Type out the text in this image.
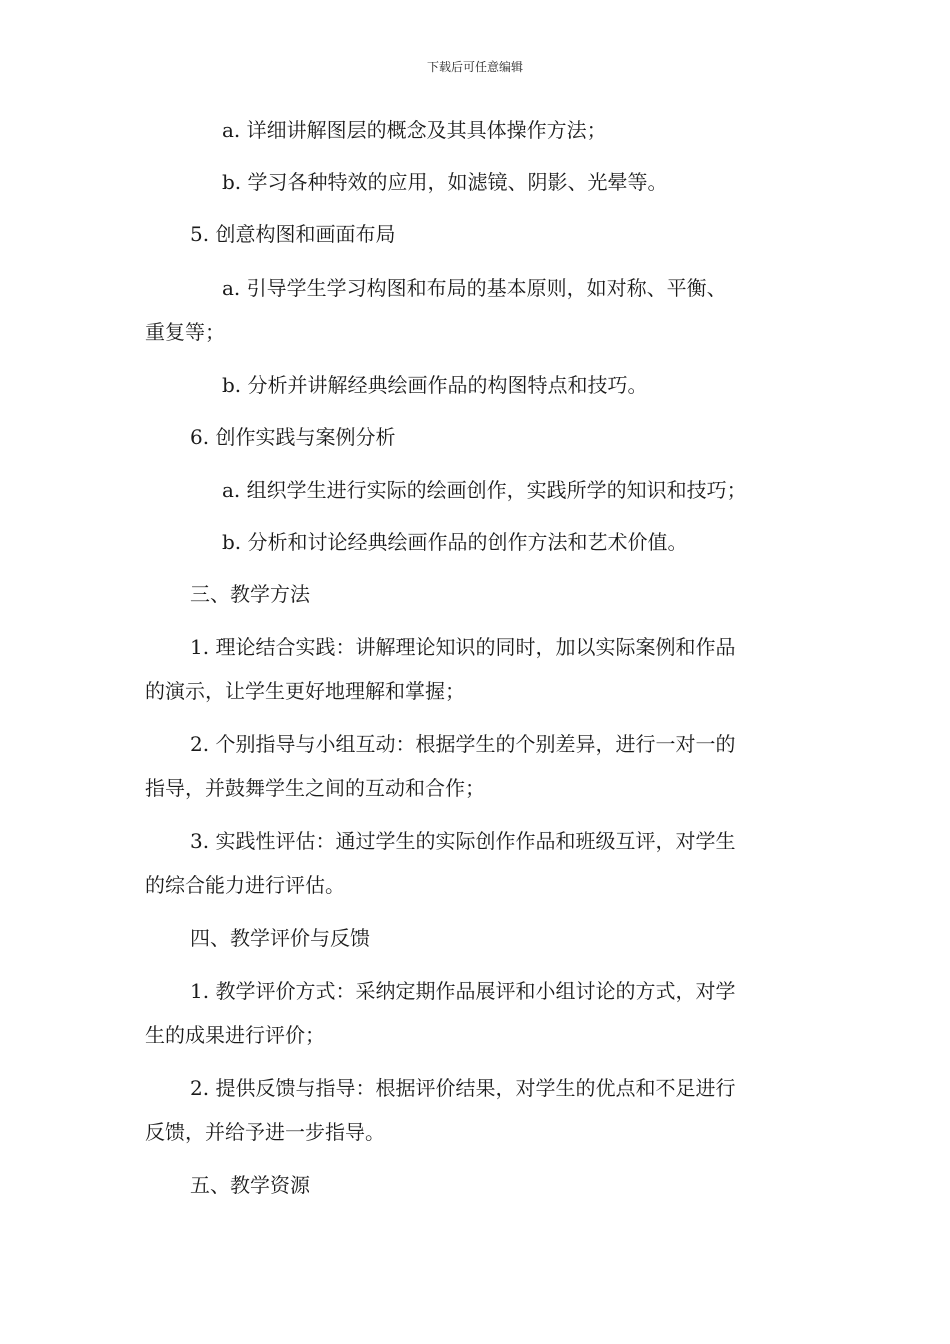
下载后可任意编辑
a. 详细讲解图层的概念及其具体操作方法；
b. 学习各种特效的应用，如滤镜、阴影、光晕等。
5. 创意构图和画面布局
a. 引导学生学习构图和布局的基本原则，如对称、平衡、
重复等；
b. 分析并讲解经典绘画作品的构图特点和技巧。
6. 创作实践与案例分析
a. 组织学生进行实际的绘画创作，实践所学的知识和技巧；
b. 分析和讨论经典绘画作品的创作方法和艺术价值。
三、教学方法
1. 理论结合实践：讲解理论知识的同时，加以实际案例和作品
的演示，让学生更好地理解和掌握；
2. 个别指导与小组互动：根据学生的个别差异，进行一对一的
指导，并鼓舞学生之间的互动和合作；
3. 实践性评估：通过学生的实际创作作品和班级互评，对学生
的综合能力进行评估。
四、教学评价与反馈
1. 教学评价方式：采纳定期作品展评和小组讨论的方式，对学
生的成果进行评价；
2. 提供反馈与指导：根据评价结果，对学生的优点和不足进行
反馈，并给予进一步指导。
五、教学资源
